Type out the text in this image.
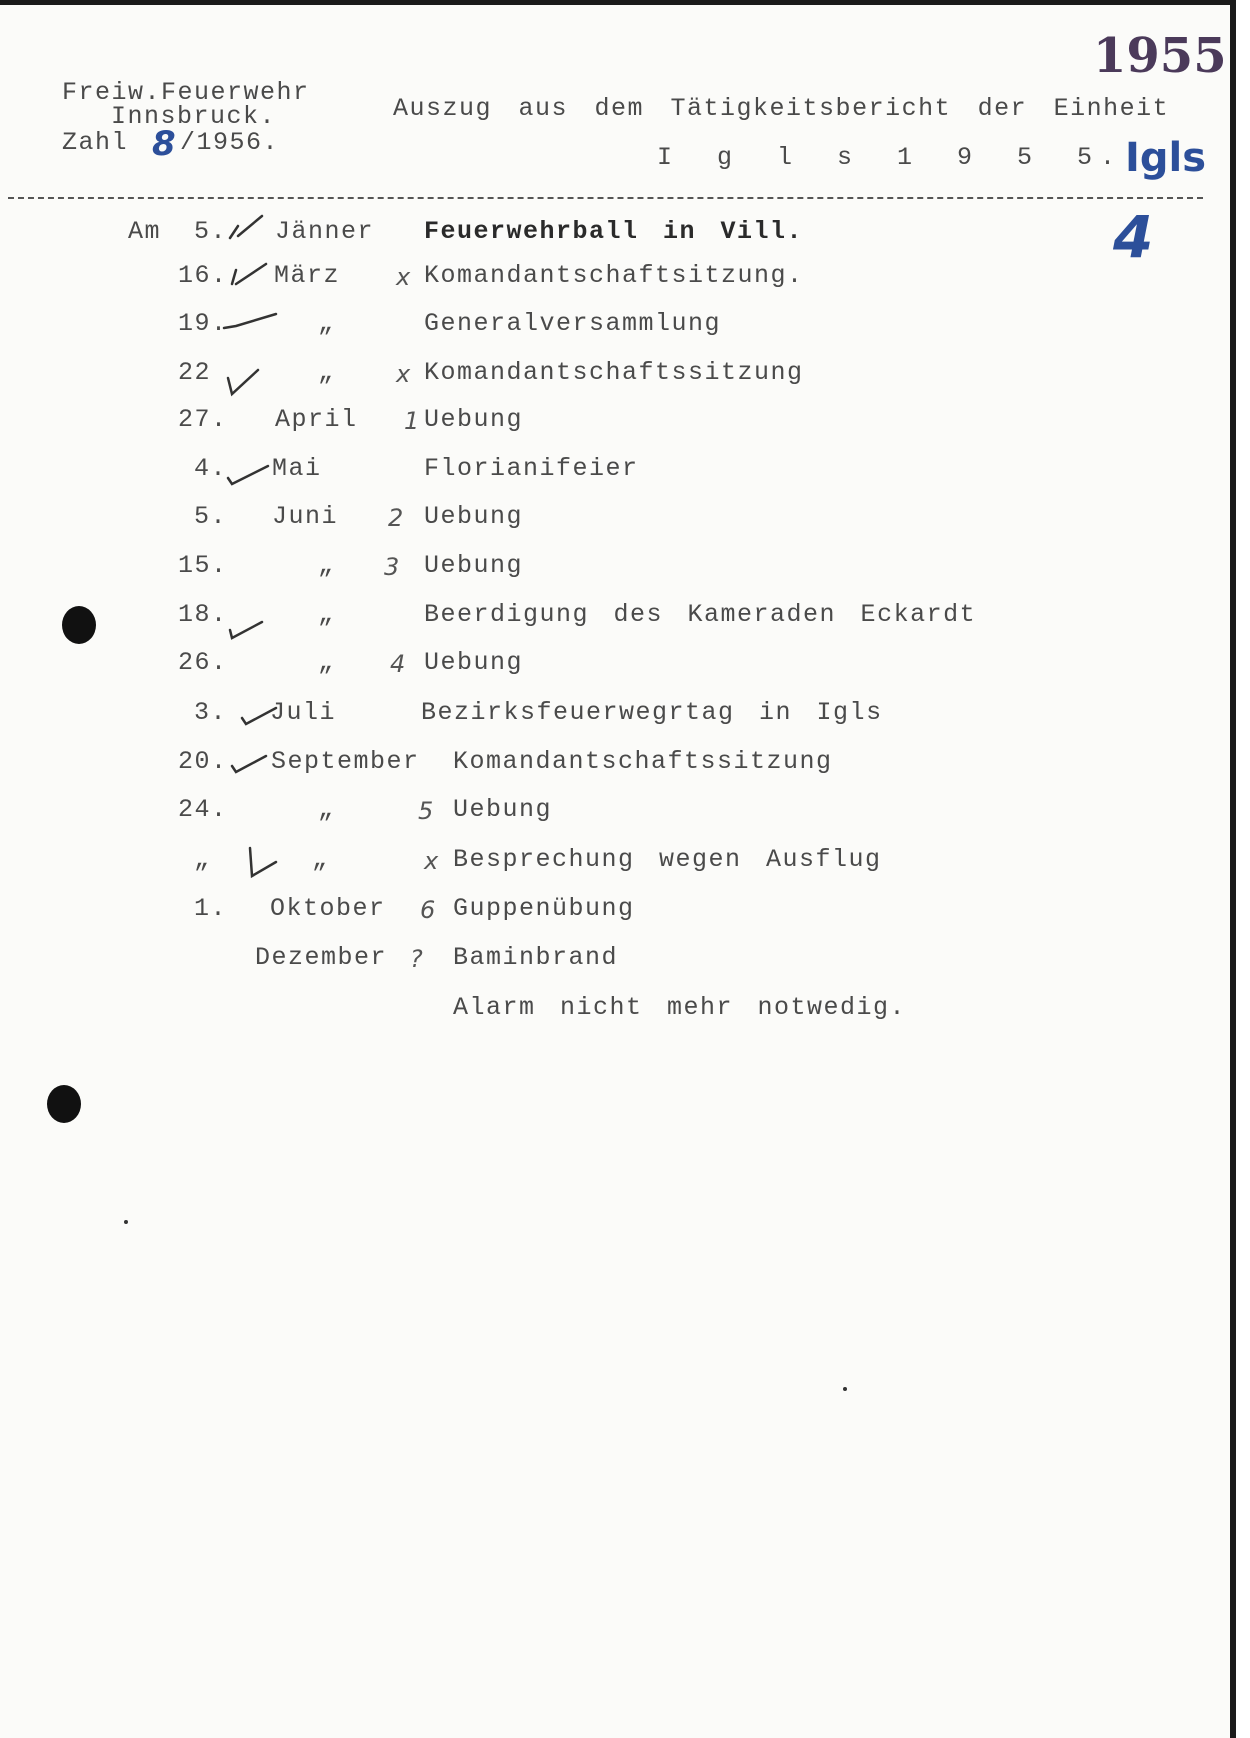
Freiw.Feuerwehr
Innsbruck.
Zahl 8 /1956.
Auszug aus dem Tätigkeitsbericht der Einheit
I g l s 1 9 5 5.
1955
Igls
4
Am 5. Jänner Feuerwehrball in Vill.
16. März x Komandantschaftsitzung.
19.	„	Generalversammlung
22	„	x Komandantschaftssitzung
27. April 1 Uebung
4. Mai	Florianifeier
5. Juni 2 Uebung
15.	„ 3 Uebung
18.	„	Beerdigung des Kameraden Eckardt
26.	„ 4 Uebung
3. Juli	Bezirksfeuerwegrtag in Igls
20. September Komandantschaftssitzung
24.	„	5 Uebung
„	„	x Besprechung wegen Ausflug
1. Oktober 6 Guppenübung
Dezember ? Baminbrand
Alarm nicht mehr notwedig.
